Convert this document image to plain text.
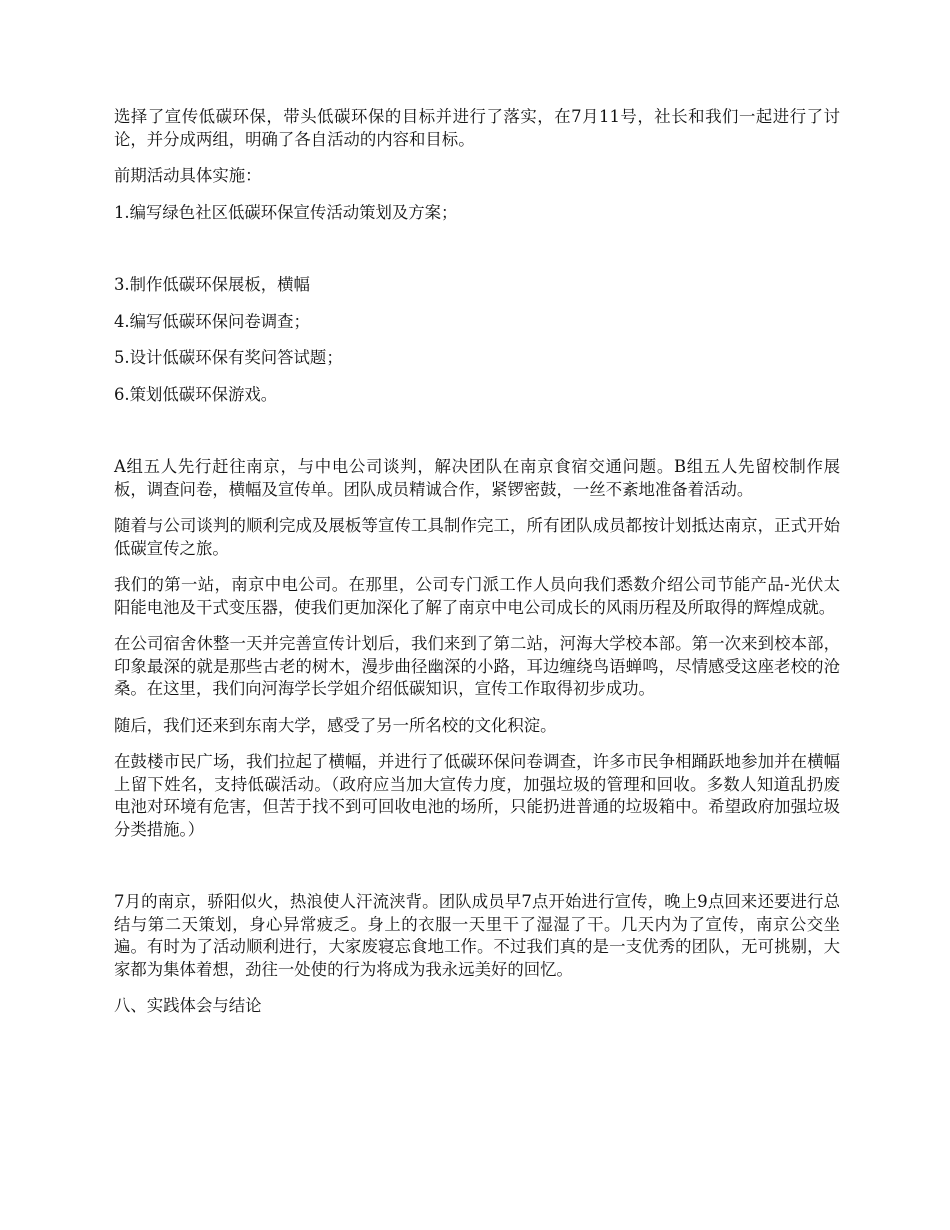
选择了宣传低碳环保，带头低碳环保的目标并进行了落实，在7月11号，社长和我们一起进行了讨论，并分成两组，明确了各自活动的内容和目标。

前期活动具体实施：

1.编写绿色社区低碳环保宣传活动策划及方案；

3.制作低碳环保展板，横幅

4.编写低碳环保问卷调查；

5.设计低碳环保有奖问答试题；

6.策划低碳环保游戏。

A组五人先行赶往南京，与中电公司谈判，解决团队在南京食宿交通问题。B组五人先留校制作展板，调查问卷，横幅及宣传单。团队成员精诚合作，紧锣密鼓，一丝不紊地准备着活动。

随着与公司谈判的顺利完成及展板等宣传工具制作完工，所有团队成员都按计划抵达南京，正式开始低碳宣传之旅。

我们的第一站，南京中电公司。在那里，公司专门派工作人员向我们悉数介绍公司节能产品-光伏太阳能电池及干式变压器，使我们更加深化了解了南京中电公司成长的风雨历程及所取得的辉煌成就。

在公司宿舍休整一天并完善宣传计划后，我们来到了第二站，河海大学校本部。第一次来到校本部，印象最深的就是那些古老的树木，漫步曲径幽深的小路，耳边缠绕鸟语蝉鸣，尽情感受这座老校的沧桑。在这里，我们向河海学长学姐介绍低碳知识，宣传工作取得初步成功。

随后，我们还来到东南大学，感受了另一所名校的文化积淀。

在鼓楼市民广场，我们拉起了横幅，并进行了低碳环保问卷调查，许多市民争相踊跃地参加并在横幅上留下姓名，支持低碳活动。（政府应当加大宣传力度，加强垃圾的管理和回收。多数人知道乱扔废电池对环境有危害，但苦于找不到可回收电池的场所，只能扔进普通的垃圾箱中。希望政府加强垃圾分类措施。）

7月的南京，骄阳似火，热浪使人汗流浃背。团队成员早7点开始进行宣传，晚上9点回来还要进行总结与第二天策划，身心异常疲乏。身上的衣服一天里干了湿湿了干。几天内为了宣传，南京公交坐遍。有时为了活动顺利进行，大家废寝忘食地工作。不过我们真的是一支优秀的团队，无可挑剔，大家都为集体着想，劲往一处使的行为将成为我永远美好的回忆。

八、实践体会与结论
